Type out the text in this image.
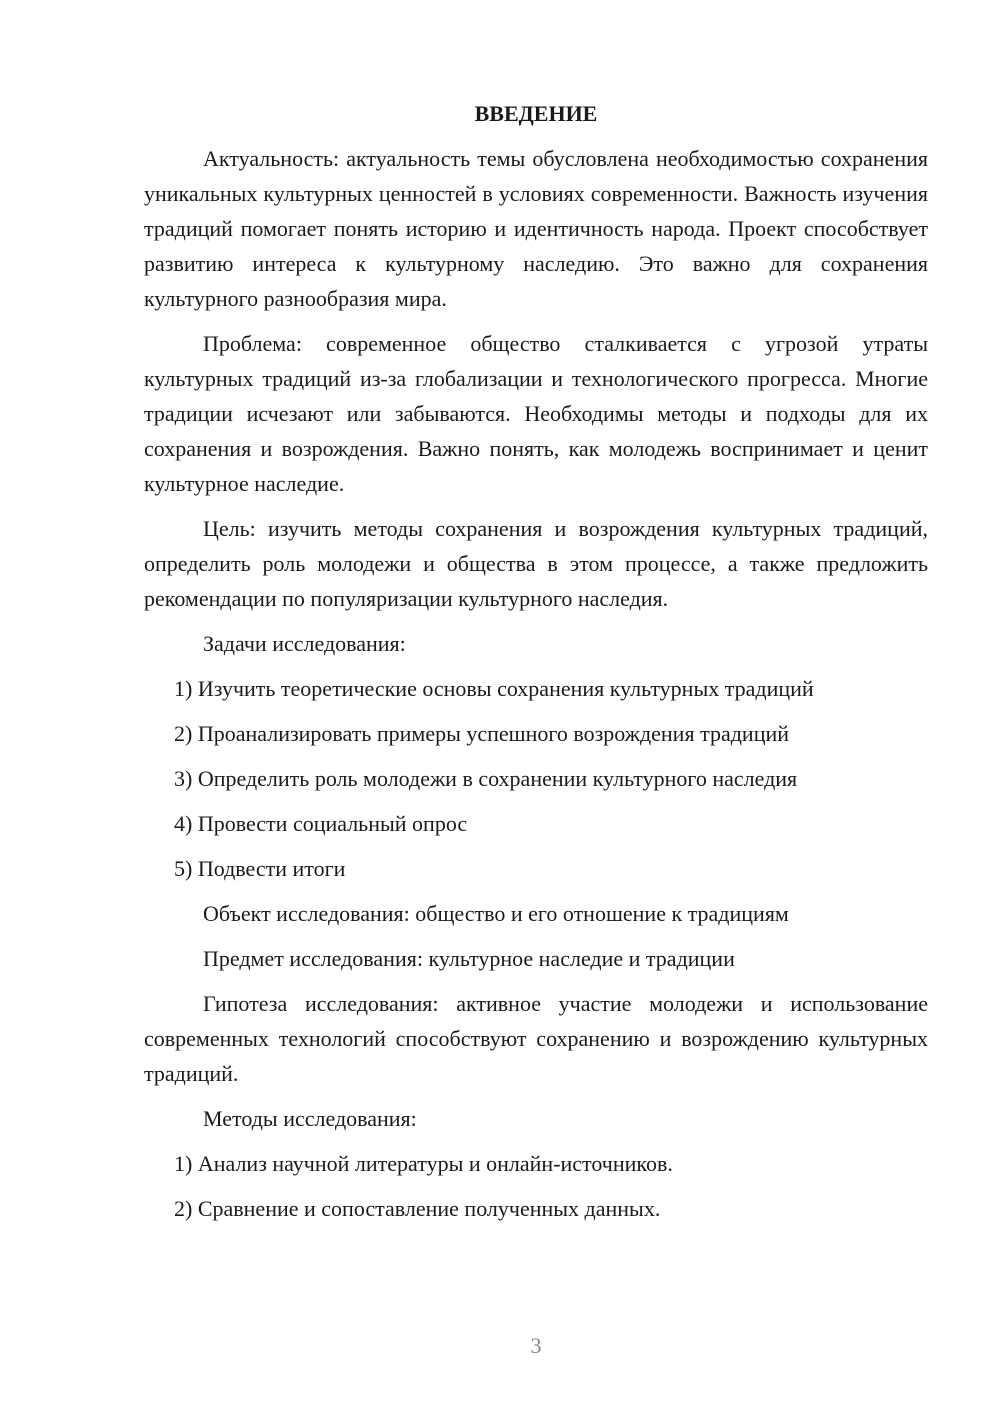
ВВЕДЕНИЕ

Актуальность: актуальность темы обусловлена необходимостью сохранения уникальных культурных ценностей в условиях современности. Важность изучения традиций помогает понять историю и идентичность народа. Проект способствует развитию интереса к культурному наследию. Это важно для сохранения культурного разнообразия мира.

Проблема: современное общество сталкивается с угрозой утраты культурных традиций из-за глобализации и технологического прогресса. Многие традиции исчезают или забываются. Необходимы методы и подходы для их сохранения и возрождения. Важно понять, как молодежь воспринимает и ценит культурное наследие.

Цель: изучить методы сохранения и возрождения культурных традиций, определить роль молодежи и общества в этом процессе, а также предложить рекомендации по популяризации культурного наследия.

Задачи исследования:
1) Изучить теоретические основы сохранения культурных традиций
2) Проанализировать примеры успешного возрождения традиций
3) Определить роль молодежи в сохранении культурного наследия
4) Провести социальный опрос
5) Подвести итоги
Объект исследования: общество и его отношение к традициям
Предмет исследования: культурное наследие и традиции

Гипотеза исследования: активное участие молодежи и использование современных технологий способствуют сохранению и возрождению культурных традиций.

Методы исследования:
1) Анализ научной литературы и онлайн-источников.
2) Сравнение и сопоставление полученных данных.
3
